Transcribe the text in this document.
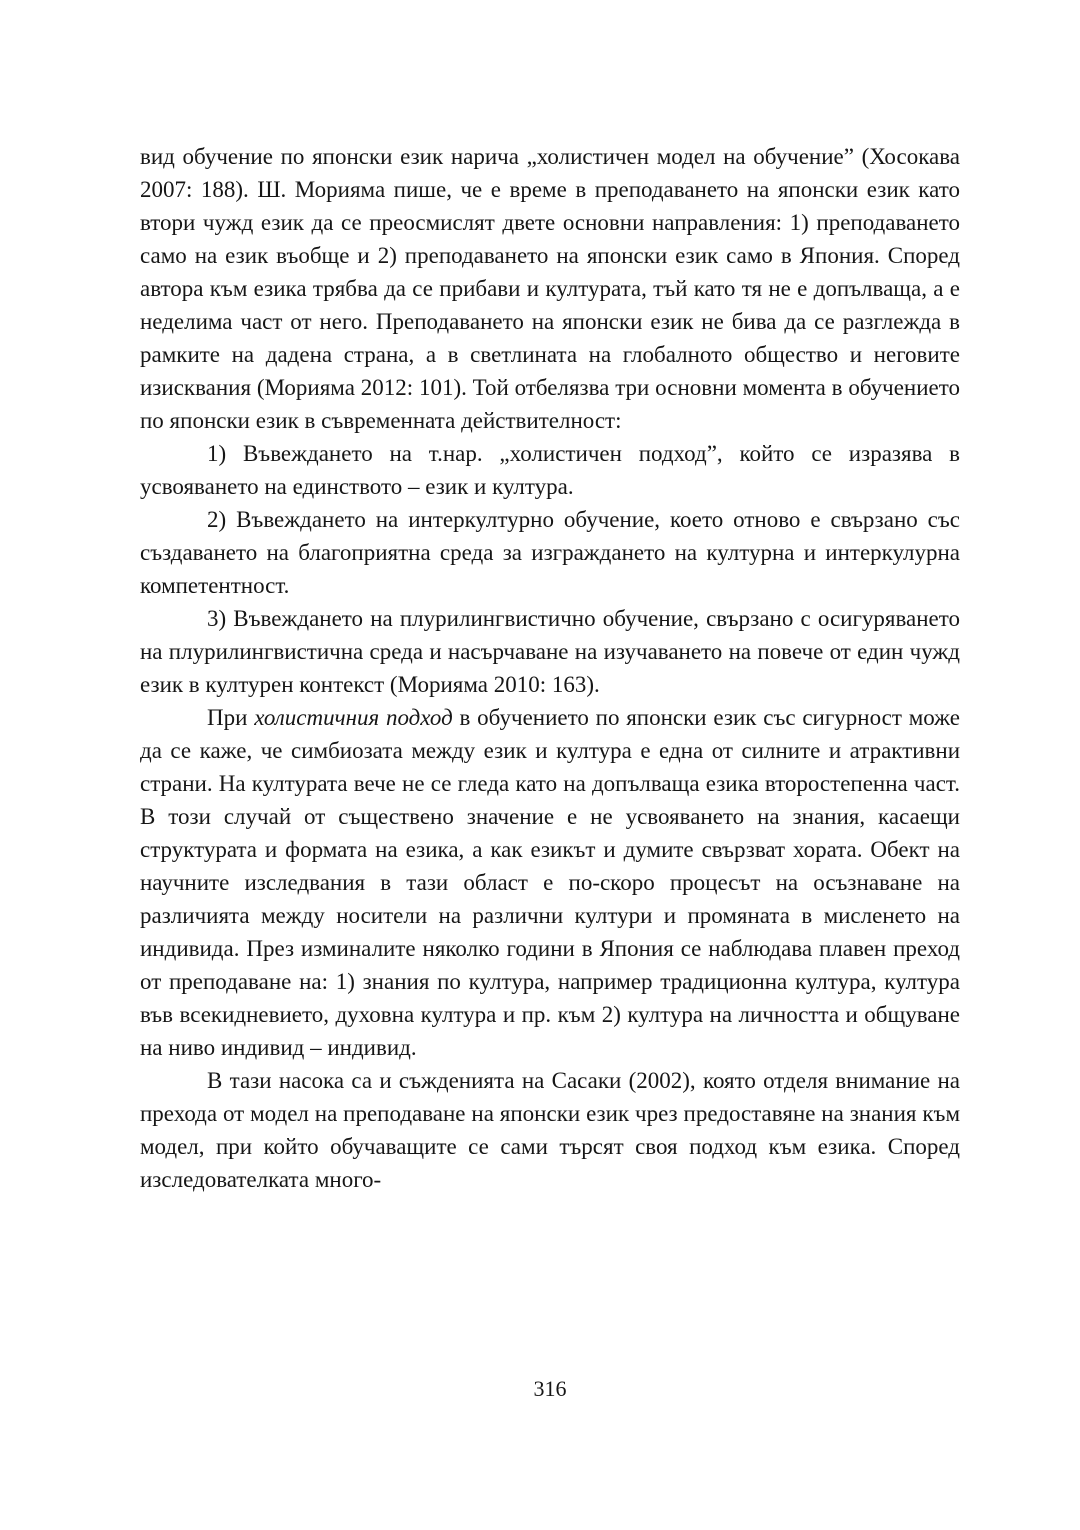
вид обучение по японски език нарича „холистичен модел на обучение” (Хосокава 2007: 188). Ш. Морияма пише, че е време в преподаването на японски език като втори чужд език да се преосмислят двете основни направления: 1) преподаването само на език въобще и 2) преподаването на японски език само в Япония. Според автора към езика трябва да се прибави и културата, тъй като тя не е допълваща, а е неделима част от него. Преподаването на японски език не бива да се разглежда в рамките на дадена страна, а в светлината на глобалното общество и неговите изисквания (Морияма 2012: 101). Той отбелязва три основни момента в обучението по японски език в съвременната действителност:

1) Въвеждането на т.нар. „холистичен подход”, който се изразява в усвояването на единството – език и култура.

2) Въвеждането на интеркултурно обучение, което отново е свързано със създаването на благоприятна среда за изграждането на културна и интеркулурна компетентност.

3) Въвеждането на плурилингвистично обучение, свързано с осигуряването на плурилингвистична среда и насърчаване на изучаването на повече от един чужд език в културен контекст (Морияма 2010: 163).

При холистичния подход в обучението по японски език със сигурност може да се каже, че симбиозата между език и култура е една от силните и атрактивни страни. На културата вече не се гледа като на допълваща езика второстепенна част. В този случай от съществено значение е не усвояването на знания, касаещи структурата и формата на езика, а как езикът и думите свързват хората. Обект на научните изследвания в тази област е по-скоро процесът на осъзнаване на различията между носители на различни култури и промяната в мисленето на индивида. През изминалите няколко години в Япония се наблюдава плавен преход от преподаване на: 1) знания по култура, например традиционна култура, култура във всекидневието, духовна култура и пр. към 2) култура на личността и общуване на ниво индивид – индивид.

В тази насока са и съжденията на Сасаки (2002), която отделя внимание на прехода от модел на преподаване на японски език чрез предоставяне на знания към модел, при който обучаващите се сами търсят своя подход към езика. Според изследователката много-

316
